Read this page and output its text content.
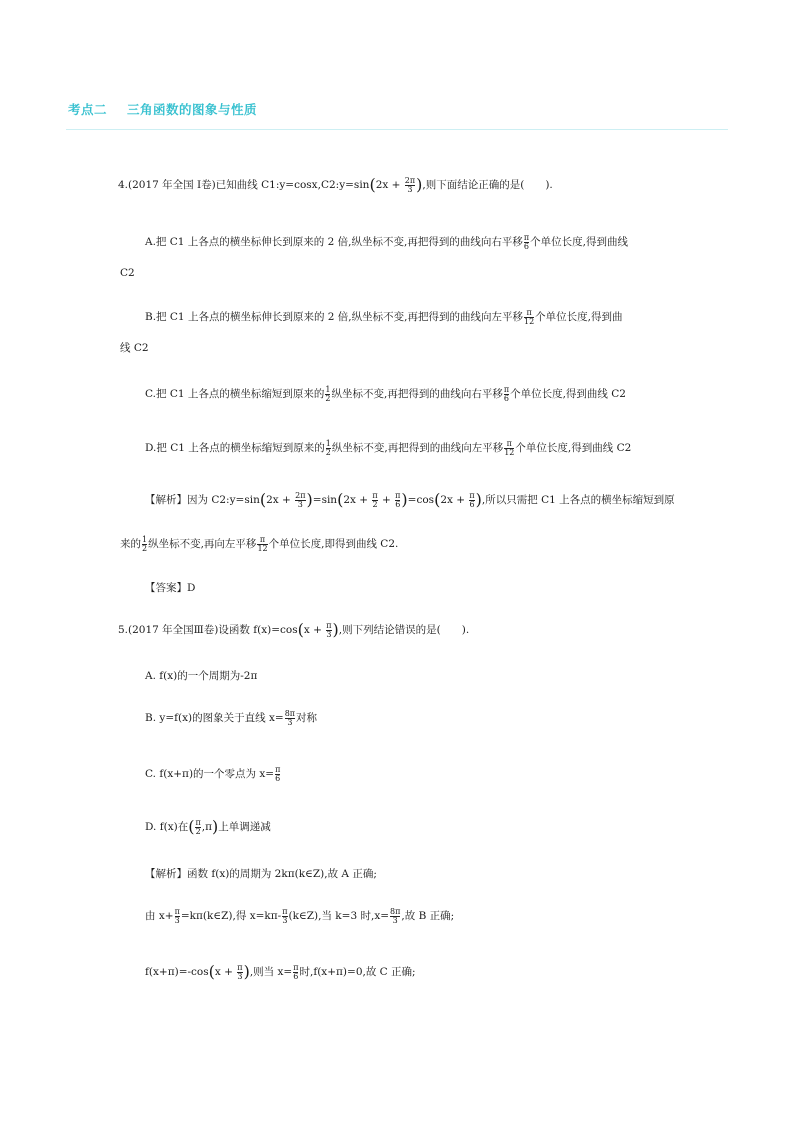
考点二 三角函数的图象与性质
4.(2017 年全国 Ⅰ卷)已知曲线 C1:y=cosx,C2:y=sin(2x + $\frac{2\pi}{3}$ ),则下面结论正确的是(　　).
A.把 C1 上各点的横坐标伸长到原来的 2 倍,纵坐标不变,再把得到的曲线向右平移 $\frac{\pi}{6}$ 个单位长度,得到曲线
C2
B.把 C1 上各点的横坐标伸长到原来的 2 倍,纵坐标不变,再把得到的曲线向左平移 $\frac{\pi}{12}$ 个单位长度,得到曲
线 C2
C.把 C1 上各点的横坐标缩短到原来的 $\frac{1}{2}$ 纵坐标不变,再把得到的曲线向右平移 $\frac{\pi}{6}$ 个单位长度,得到曲线 C2
D.把 C1 上各点的横坐标缩短到原来的 $\frac{1}{2}$ 纵坐标不变,再把得到的曲线向左平移 $\frac{\pi}{12}$ 个单位长度,得到曲线 C2
【解析】因为 C2:y=sin(2x + $\frac{2\pi}{3} )=\sin(2x + \frac{\pi}{2} + \frac{\pi}{6} )=\cos(2x + \frac{\pi}{6}$ ),所以只需把 C1 上各点的横坐标缩短到原
来的 $\frac{1}{2}$ 纵坐标不变,再向左平移 $\frac{\pi}{12}$ 个单位长度,即得到曲线 C2.
【答案】D
5.(2017 年全国Ⅲ卷)设函数 $f(x)=\cos(x + \frac{\pi}{3}$ ),则下列结论错误的是(　　).
A. f(x)的一个周期为-2π
B. y=f(x)的图象关于直线 $x= \frac{8\pi}{3}$ 对称
C. f(x+π)的一个零点为 $x= \frac{\pi}{6}$
D. f(x)在( $\frac{\pi}{2} ,\pi$)上单调递减
【解析】函数 f(x)的周期为 2kπ(k∈Z),故 A 正确;
由 $x+ \frac{\pi}{3}$ =kπ(k∈Z),得 $x=k\pi- \frac{\pi}{3}$ (k∈Z),当 k=3 时$,x= \frac{8\pi}{3}$ ,故 B 正确;
$f(x+\pi)=-\cos(x + \frac{\pi}{3}$ ),则当 $x= \frac{\pi}{6}$ 时,f(x+π)=0,故 C 正确;
